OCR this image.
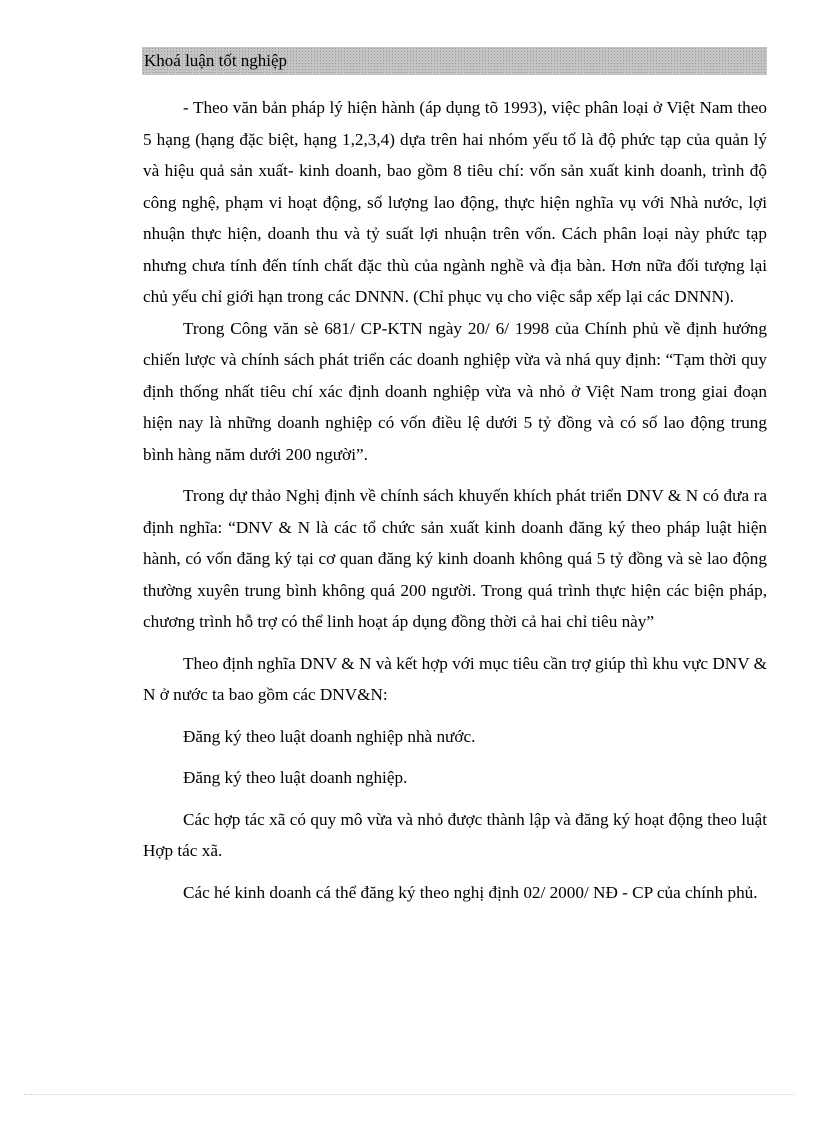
Khoá luận tốt nghiệp

- Theo văn bản pháp lý hiện hành (áp dụng tõ 1993), việc phân loại ở Việt Nam theo 5 hạng (hạng đặc biệt, hạng 1,2,3,4) dựa trên hai nhóm yếu tố là độ phức tạp của quản lý và hiệu quả sản xuất- kinh doanh, bao gồm 8 tiêu chí: vốn sản xuất kinh doanh, trình độ công nghệ, phạm vi hoạt động, số lượng lao động, thực hiện nghĩa vụ với Nhà nước, lợi nhuận thực hiện, doanh thu và tỷ suất lợi nhuận trên vốn. Cách phân loại này phức tạp nhưng chưa tính đến tính chất đặc thù của ngành nghề và địa bàn. Hơn nữa đối tượng lại chủ yếu chỉ giới hạn trong các DNNN. (Chỉ phục vụ cho việc sắp xếp lại các DNNN).

Trong Công văn sè 681/ CP-KTN ngày 20/ 6/ 1998 của Chính phủ về định hướng chiến lược và chính sách phát triển các doanh nghiệp vừa và nhá quy định: “Tạm thời quy định thống nhất tiêu chí xác định doanh nghiệp vừa và nhỏ ở Việt Nam trong giai đoạn hiện nay là những doanh nghiệp có vốn điều lệ dưới 5 tỷ đồng và có số lao động trung bình hàng năm dưới 200 người”.

Trong dự thảo Nghị định về chính sách khuyến khích phát triển DNV & N có đưa ra định nghĩa: “DNV & N là các tổ chức sản xuất kinh doanh đăng ký theo pháp luật hiện hành, có vốn đăng ký tại cơ quan đăng ký kinh doanh không quá 5 tỷ đồng và sè lao động thường xuyên trung bình không quá 200 người. Trong quá trình thực hiện các biện pháp, chương trình hỗ trợ có thể linh hoạt áp dụng đồng thời cả hai chỉ tiêu này”

Theo định nghĩa DNV & N và kết hợp với mục tiêu cần trợ giúp thì khu vực DNV & N ở nước ta bao gồm các DNV&N:

Đăng ký theo luật doanh nghiệp nhà nước.

Đăng ký theo luật doanh nghiệp.

Các hợp tác xã có quy mô vừa và nhỏ được thành lập và đăng ký hoạt động theo luật Hợp tác xã.

Các hé kinh doanh cá thể đăng ký theo nghị định 02/ 2000/ NĐ - CP của chính phủ.
